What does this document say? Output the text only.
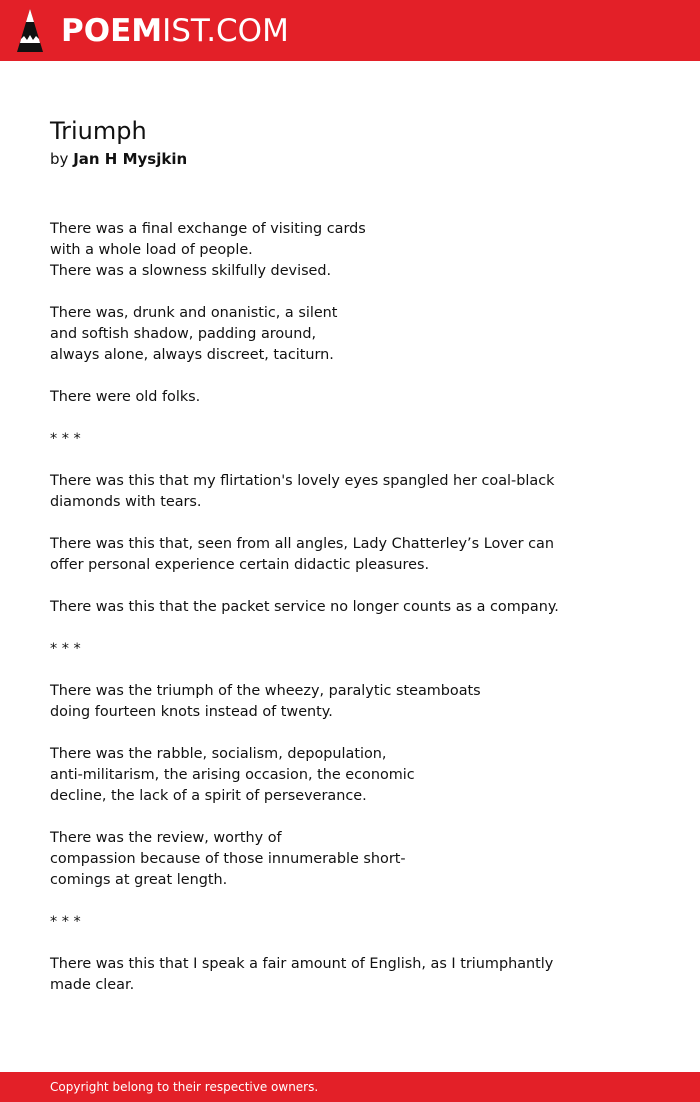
POEMIST.COM
Triumph
by Jan H Mysjkin
There was a final exchange of visiting cards
with a whole load of people.
There was a slowness skilfully devised.
There was, drunk and onanistic, a silent
and softish shadow, padding around,
always alone, always discreet, taciturn.
There were old folks.
* * *
There was this that my flirtation's lovely eyes spangled her coal-black
diamonds with tears.
There was this that, seen from all angles, Lady Chatterley’s Lover can
offer personal experience certain didactic pleasures.
There was this that the packet service no longer counts as a company.
* * *
There was the triumph of the wheezy, paralytic steamboats
doing fourteen knots instead of twenty.
There was the rabble, socialism, depopulation,
anti-militarism, the arising occasion, the economic
decline, the lack of a spirit of perseverance.
There was the review, worthy of
compassion because of those innumerable short-
comings at great length.
* * *
There was this that I speak a fair amount of English, as I triumphantly
made clear.
Copyright belong to their respective owners.
